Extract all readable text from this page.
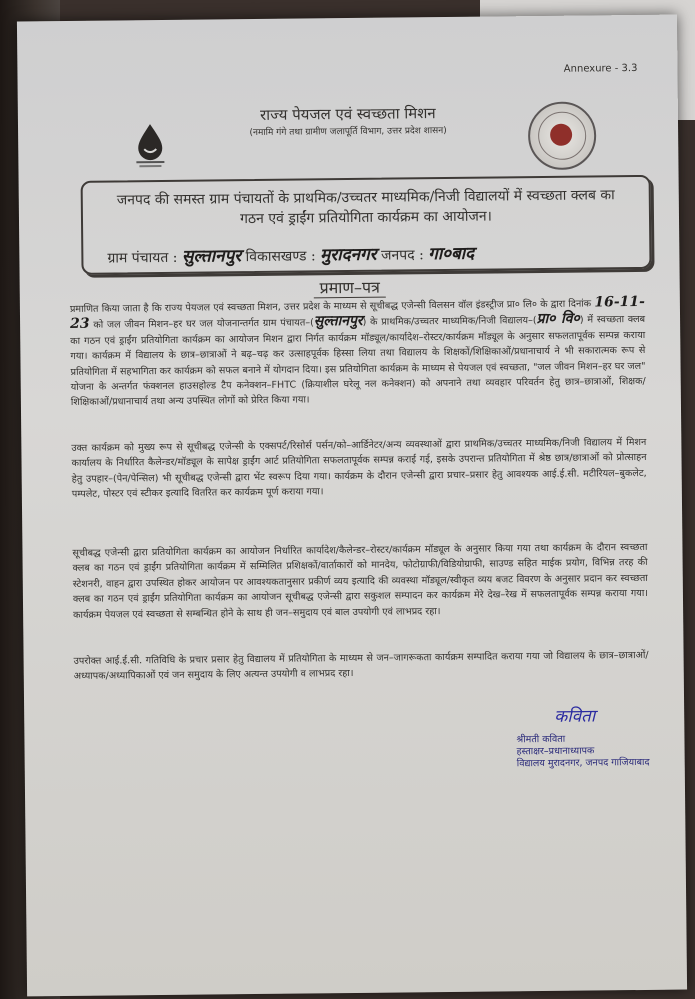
Annexure - 3.3
राज्य पेयजल एवं स्वच्छता मिशन
(नमामि गंगे तथा ग्रामीण जलापूर्ति विभाग, उत्तर प्रदेश शासन)
जनपद की समस्त ग्राम पंचायतों के प्राथमिक/उच्चतर माध्यमिक/निजी विद्यालयों में स्वच्छता क्लब का
गठन एवं ड्राईंग प्रतियोगिता कार्यक्रम का आयोजन।
ग्राम पंचायत : सुल्तानपुर विकासखण्ड : मुरादनगर जनपद : गा०बाद
प्रमाण–पत्र
प्रमाणित किया जाता है कि राज्य पेयजल एवं स्वच्छता मिशन, उत्तर प्रदेश के माध्यम से सूचीबद्ध एजेन्सी विलसन वॉल इंडस्ट्रीज प्रा० लि० के द्वारा दिनांक 16-11-23 को जल जीवन मिशन–हर घर जल योजनान्तर्गत ग्राम पंचायत–(सुल्तानपुर) के प्राथमिक/उच्चतर माध्यमिक/निजी विद्यालय–(प्रा० वि०) में स्वच्छता क्लब का गठन एवं ड्राईंग प्रतियोगिता कार्यक्रम का आयोजन मिशन द्वारा निर्गत कार्यक्रम मॉड्यूल/कार्यादेश–रोस्टर/कार्यक्रम मॉड्यूल के अनुसार सफलतापूर्वक सम्पन्न कराया गया। कार्यक्रम में विद्यालय के छात्र–छात्राओं ने बढ़–चढ़ कर उत्साहपूर्वक हिस्सा लिया तथा विद्यालय के शिक्षकों/शिक्षिकाओं/प्रधानाचार्य ने भी सकारात्मक रूप से प्रतियोगिता में सहभागिता कर कार्यक्रम को सफल बनाने में योगदान दिया। इस प्रतियोगिता कार्यक्रम के माध्यम से पेयजल एवं स्वच्छता, "जल जीवन मिशन–हर घर जल" योजना के अन्तर्गत फंक्शनल हाउसहोल्ड टैप कनेक्शन–FHTC (क्रियाशील घरेलू नल कनेक्शन) को अपनाने तथा व्यवहार परिवर्तन हेतु छात्र–छात्राओं, शिक्षक/शिक्षिकाओं/प्रधानाचार्य तथा अन्य उपस्थित लोगों को प्रेरित किया गया।
उक्त कार्यक्रम को मुख्य रूप से सूचीबद्ध एजेन्सी के एक्सपर्ट/रिसोर्स पर्सन/को–आर्डिनेटर/अन्य व्यवस्थाओं द्वारा प्राथमिक/उच्चतर माध्यमिक/निजी विद्यालय में मिशन कार्यालय के निर्धारित कैलेन्डर/मॉड्यूल के सापेक्ष ड्राईंग आर्ट प्रतियोगिता सफलतापूर्वक सम्पन्न कराई गई, इसके उपरान्त प्रतियोगिता में श्रेष्ठ छात्र/छात्राओं को प्रोत्साहन हेतु उपहार–(पेन/पेन्सिल) भी सूचीबद्ध एजेन्सी द्वारा भेंट स्वरूप दिया गया। कार्यक्रम के दौरान एजेन्सी द्वारा प्रचार–प्रसार हेतु आवश्यक आई.ई.सी. मटीरियल–बुकलेट, पम्पलेट, पोस्टर एवं स्टीकर इत्यादि वितरित कर कार्यक्रम पूर्ण कराया गया।
सूचीबद्ध एजेन्सी द्वारा प्रतियोगिता कार्यक्रम का आयोजन निर्धारित कार्यादेश/कैलेन्डर–रोस्टर/कार्यक्रम मॉड्यूल के अनुसार किया गया तथा कार्यक्रम के दौरान स्वच्छता क्लब का गठन एवं ड्राईंग प्रतियोगिता कार्यक्रम में सम्मिलित प्रशिक्षकों/वार्ताकारों को मानदेय, फोटोग्राफी/विडियोग्राफी, साउण्ड सहित माईक प्रयोग, विभिन्न तरह की स्टेशनरी, वाहन द्वारा उपस्थित होकर आयोजन पर आवश्यकतानुसार प्रकीर्ण व्यय इत्यादि की व्यवस्था मॉड्यूल/स्वीकृत व्यय बजट विवरण के अनुसार प्रदान कर स्वच्छता क्लब का गठन एवं ड्राईंग प्रतियोगिता कार्यक्रम का आयोजन सूचीबद्ध एजेन्सी द्वारा सकुशल सम्पादन कर कार्यक्रम मेरे देख–रेख में सफलतापूर्वक सम्पन्न कराया गया। कार्यक्रम पेयजल एवं स्वच्छता से सम्बन्धित होने के साथ ही जन–समुदाय एवं बाल उपयोगी एवं लाभप्रद रहा।
उपरोक्त आई.ई.सी. गतिविधि के प्रचार प्रसार हेतु विद्यालय में प्रतियोगिता के माध्यम से जन–जागरूकता कार्यक्रम सम्पादित कराया गया जो विद्यालय के छात्र–छात्राओं/अध्यापक/अध्यापिकाओं एवं जन समुदाय के लिए अत्यन्त उपयोगी व लाभप्रद रहा।
कविता
श्रीमती कविता
हस्ताक्षर–प्रधानाध्यापक
विद्यालय मुरादनगर, जनपद गाजियाबाद
